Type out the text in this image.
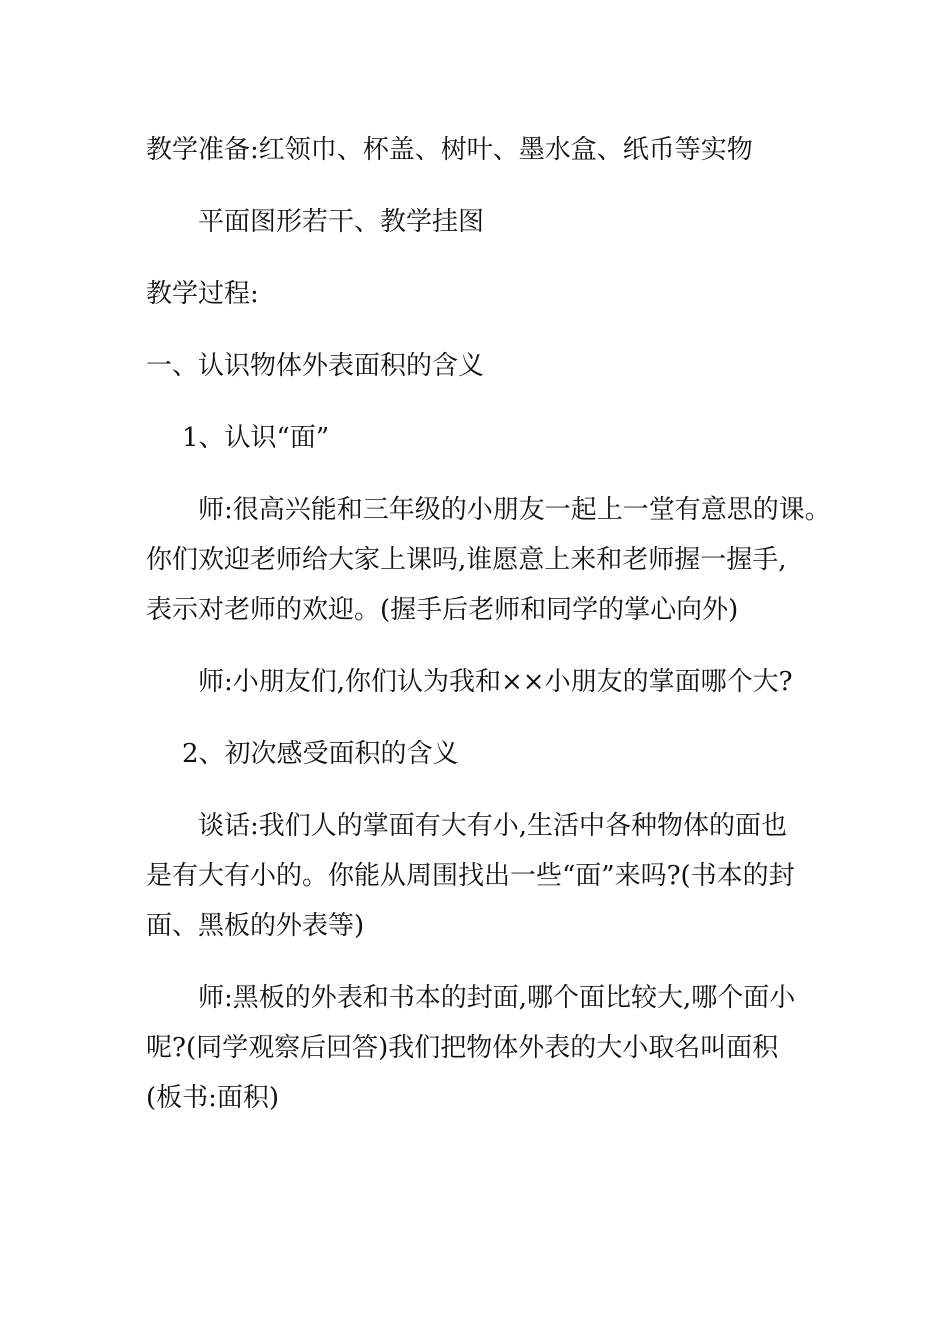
教学准备:红领巾、杯盖、树叶、墨水盒、纸币等实物
平面图形若干、教学挂图
教学过程:
一、认识物体外表面积的含义
1、认识“面”
师:很高兴能和三年级的小朋友一起上一堂有意思的课。
你们欢迎老师给大家上课吗,谁愿意上来和老师握一握手,
表示对老师的欢迎。(握手后老师和同学的掌心向外)
师:小朋友们,你们认为我和××小朋友的掌面哪个大?
2、初次感受面积的含义
谈话:我们人的掌面有大有小,生活中各种物体的面也
是有大有小的。你能从周围找出一些“面”来吗?(书本的封
面、黑板的外表等)
师:黑板的外表和书本的封面,哪个面比较大,哪个面小
呢?(同学观察后回答)我们把物体外表的大小取名叫面积
(板书:面积)
